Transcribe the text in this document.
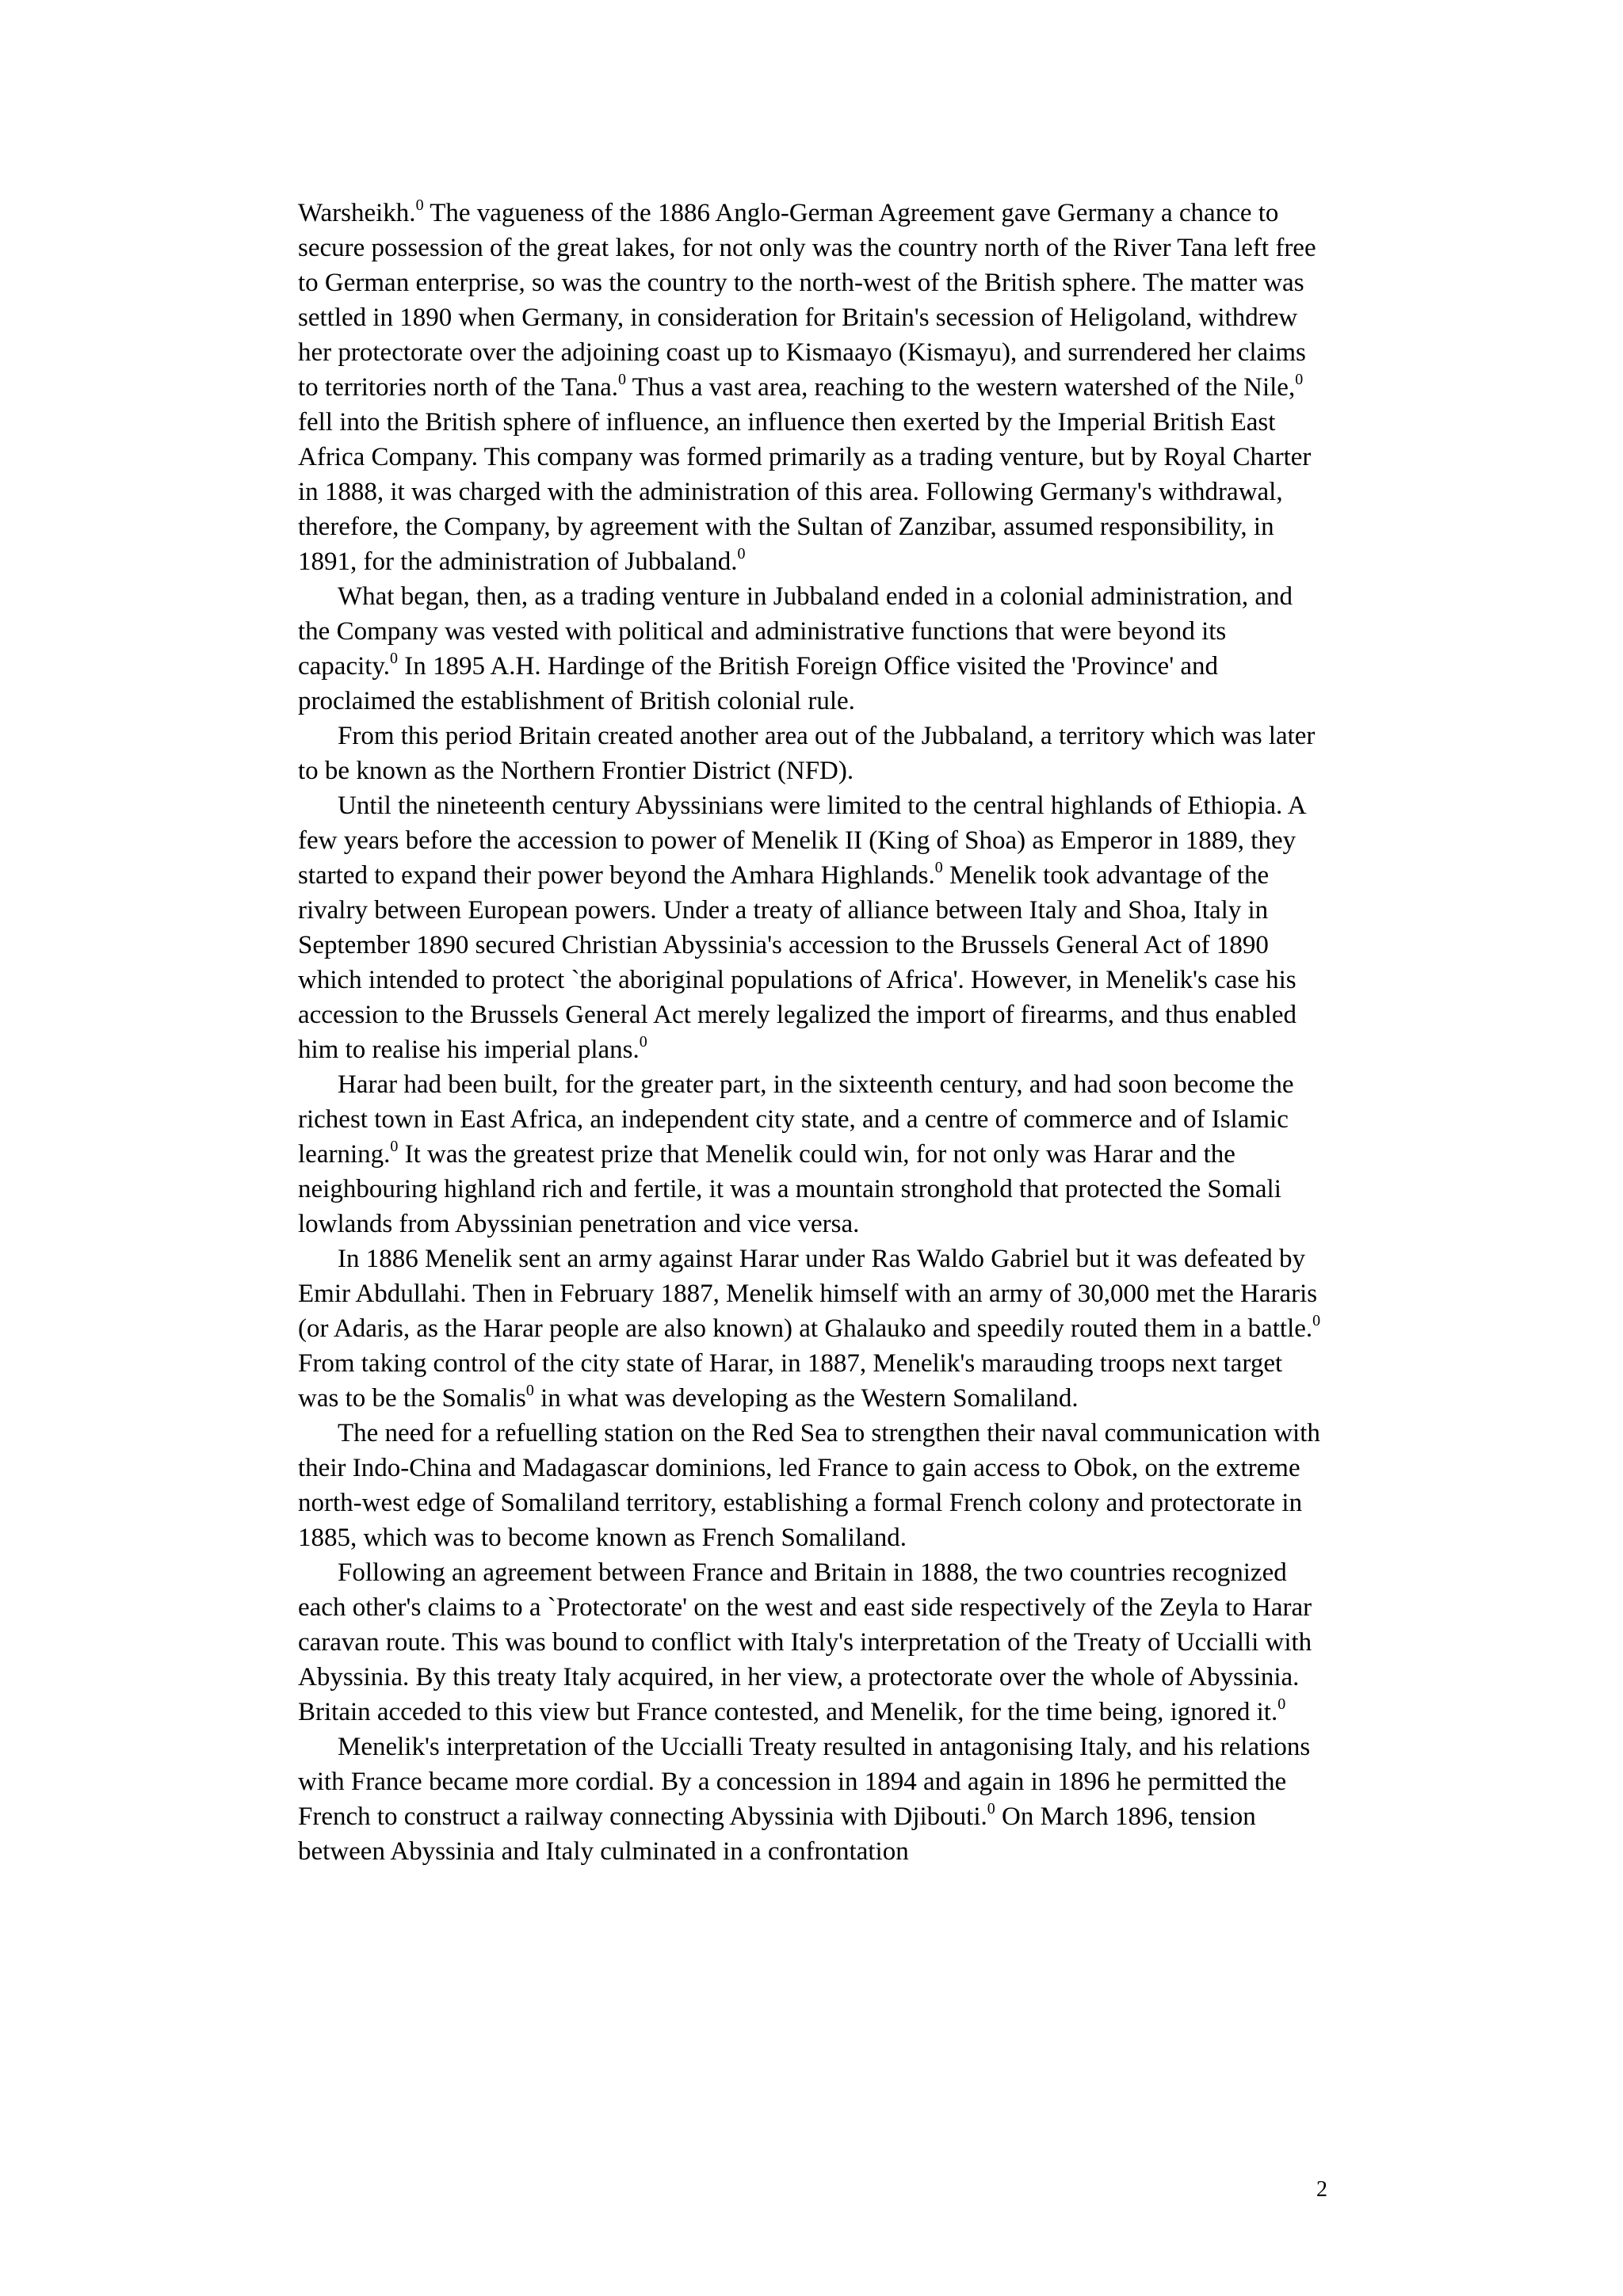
Warsheikh.$^0$ The vagueness of the 1886 Anglo-German Agreement gave Germany a chance to secure possession of the great lakes, for not only was the country north of the River Tana left free to German enterprise, so was the country to the north-west of the British sphere. The matter was settled in 1890 when Germany, in consideration for Britain's secession of Heligoland, withdrew her protectorate over the adjoining coast up to Kismaayo (Kismayu), and surrendered her claims to territories north of the Tana.$^0$ Thus a vast area, reaching to the western watershed of the Nile,$^0$ fell into the British sphere of influence, an influence then exerted by the Imperial British East Africa Company. This company was formed primarily as a trading venture, but by Royal Charter in 1888, it was charged with the administration of this area. Following Germany's withdrawal, therefore, the Company, by agreement with the Sultan of Zanzibar, assumed responsibility, in 1891, for the administration of Jubbaland.$^0$

What began, then, as a trading venture in Jubbaland ended in a colonial administration, and the Company was vested with political and administrative functions that were beyond its capacity.$^0$ In 1895 A.H. Hardinge of the British Foreign Office visited the 'Province' and proclaimed the establishment of British colonial rule.

From this period Britain created another area out of the Jubbaland, a territory which was later to be known as the Northern Frontier District (NFD).

Until the nineteenth century Abyssinians were limited to the central highlands of Ethiopia. A few years before the accession to power of Menelik II (King of Shoa) as Emperor in 1889, they started to expand their power beyond the Amhara Highlands.$^0$ Menelik took advantage of the rivalry between European powers. Under a treaty of alliance between Italy and Shoa, Italy in September 1890 secured Christian Abyssinia's accession to the Brussels General Act of 1890 which intended to protect `the aboriginal populations of Africa'. However, in Menelik's case his accession to the Brussels General Act merely legalized the import of firearms, and thus enabled him to realise his imperial plans.$^0$

Harar had been built, for the greater part, in the sixteenth century, and had soon become the richest town in East Africa, an independent city state, and a centre of commerce and of Islamic learning.$^0$ It was the greatest prize that Menelik could win, for not only was Harar and the neighbouring highland rich and fertile, it was a mountain stronghold that protected the Somali lowlands from Abyssinian penetration and vice versa.

In 1886 Menelik sent an army against Harar under Ras Waldo Gabriel but it was defeated by Emir Abdullahi. Then in February 1887, Menelik himself with an army of 30,000 met the Hararis (or Adaris, as the Harar people are also known) at Ghalauko and speedily routed them in a battle.$^0$ From taking control of the city state of Harar, in 1887, Menelik's marauding troops next target was to be the Somalis$^0$ in what was developing as the Western Somaliland.

The need for a refuelling station on the Red Sea to strengthen their naval communication with their Indo-China and Madagascar dominions, led France to gain access to Obok, on the extreme north-west edge of Somaliland territory, establishing a formal French colony and protectorate in 1885, which was to become known as French Somaliland.

Following an agreement between France and Britain in 1888, the two countries recognized each other's claims to a `Protectorate' on the west and east side respectively of the Zeyla to Harar caravan route. This was bound to conflict with Italy's interpretation of the Treaty of Uccialli with Abyssinia. By this treaty Italy acquired, in her view, a protectorate over the whole of Abyssinia. Britain acceded to this view but France contested, and Menelik, for the time being, ignored it.$^0$

Menelik's interpretation of the Uccialli Treaty resulted in antagonising Italy, and his relations with France became more cordial. By a concession in 1894 and again in 1896 he permitted the French to construct a railway connecting Abyssinia with Djibouti.$^0$ On March 1896, tension between Abyssinia and Italy culminated in a confrontation

2
